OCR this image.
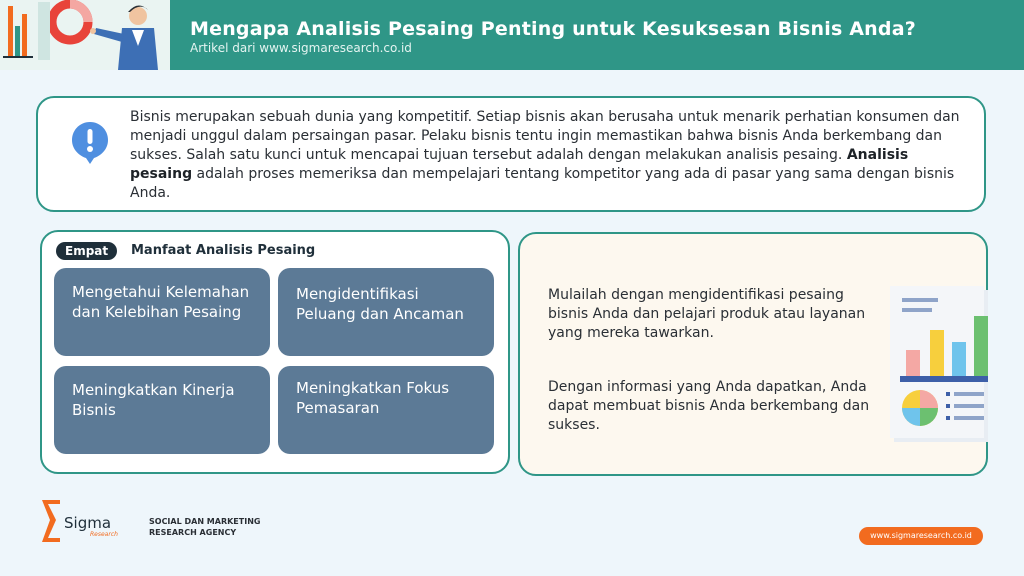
Mengapa Analisis Pesaing Penting untuk Kesuksesan Bisnis Anda?
Artikel dari www.sigmaresearch.co.id
Bisnis merupakan sebuah dunia yang kompetitif. Setiap bisnis akan berusaha untuk menarik perhatian konsumen dan menjadi unggul dalam persaingan pasar. Pelaku bisnis tentu ingin memastikan bahwa bisnis Anda berkembang dan sukses. Salah satu kunci untuk mencapai tujuan tersebut adalah dengan melakukan analisis pesaing. Analisis pesaing adalah proses memeriksa dan mempelajari tentang kompetitor yang ada di pasar yang sama dengan bisnis Anda.
Empat	Manfaat Analisis Pesaing
Mengetahui Kelemahan dan Kelebihan Pesaing
Mengidentifikasi Peluang dan Ancaman
Meningkatkan Kinerja Bisnis
Meningkatkan Fokus Pemasaran
Mulailah dengan mengidentifikasi pesaing bisnis Anda dan pelajari produk atau layanan yang mereka tawarkan.
Dengan informasi yang Anda dapatkan, Anda dapat membuat bisnis Anda berkembang dan sukses.
Sigma
Research
SOCIAL DAN MARKETING RESEARCH AGENCY	www.sigmaresearch.co.id
